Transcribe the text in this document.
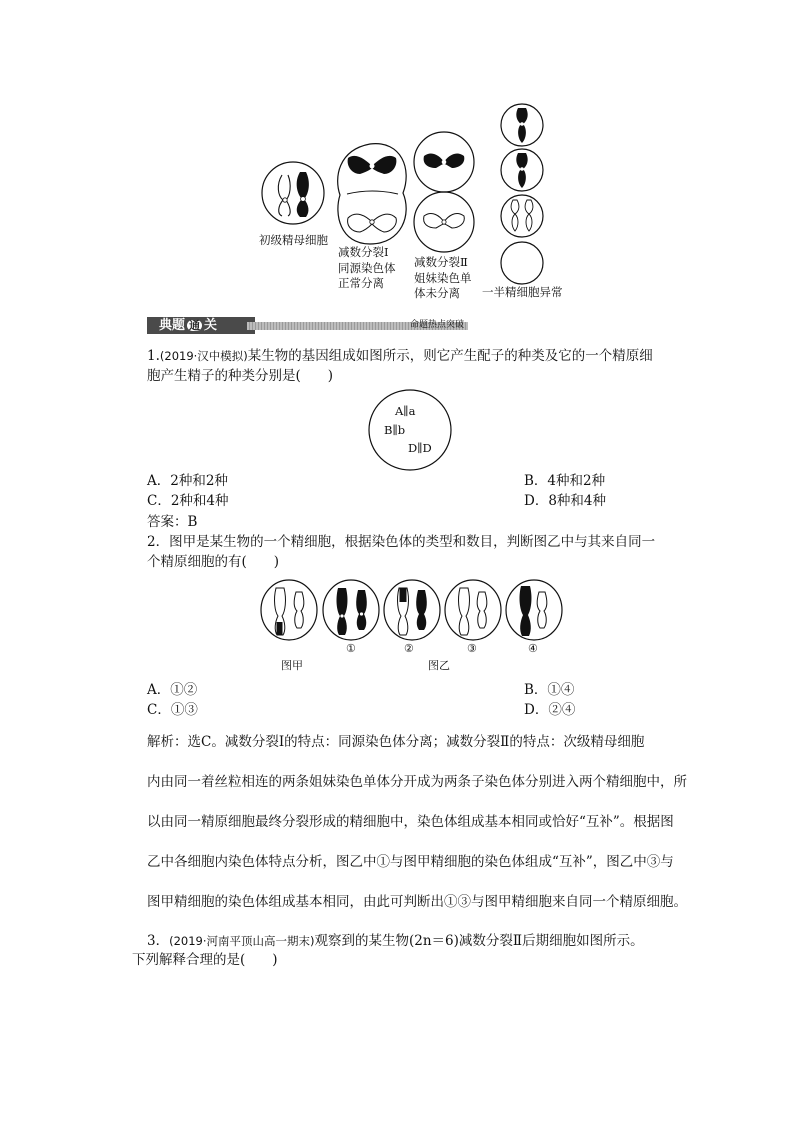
初级精母细胞
减数分裂Ⅰ
同源染色体
正常分离
减数分裂Ⅱ
姐妹染色单
体未分离	一半精细胞异常
典题 通 关	命题热点突破
1.(2019·汉中模拟)某生物的基因组成如图所示，则它产生配子的种类及它的一个精原细
胞产生精子的种类分别是(　　)
A∥a
B∥b
D∥D
A．2种和2种	B．4种和2种
C．2种和4种	D．8种和4种
答案：B
2．图甲是某生物的一个精细胞，根据染色体的类型和数目，判断图乙中与其来自同一
个精原细胞的有(　　)
①	②	③	④
图甲	图乙
A．①②	B．①④
C．①③	D．②④
解析：选C。减数分裂Ⅰ的特点：同源染色体分离；减数分裂Ⅱ的特点：次级精母细胞
内由同一着丝粒相连的两条姐妹染色单体分开成为两条子染色体分别进入两个精细胞中，所
以由同一精原细胞最终分裂形成的精细胞中，染色体组成基本相同或恰好“互补”。根据图
乙中各细胞内染色体特点分析，图乙中①与图甲精细胞的染色体组成“互补”，图乙中③与
图甲精细胞的染色体组成基本相同，由此可判断出①③与图甲精细胞来自同一个精原细胞。
3．(2019·河南平顶山高一期末)观察到的某生物(2n＝6)减数分裂Ⅱ后期细胞如图所示。
下列解释合理的是(　　)
